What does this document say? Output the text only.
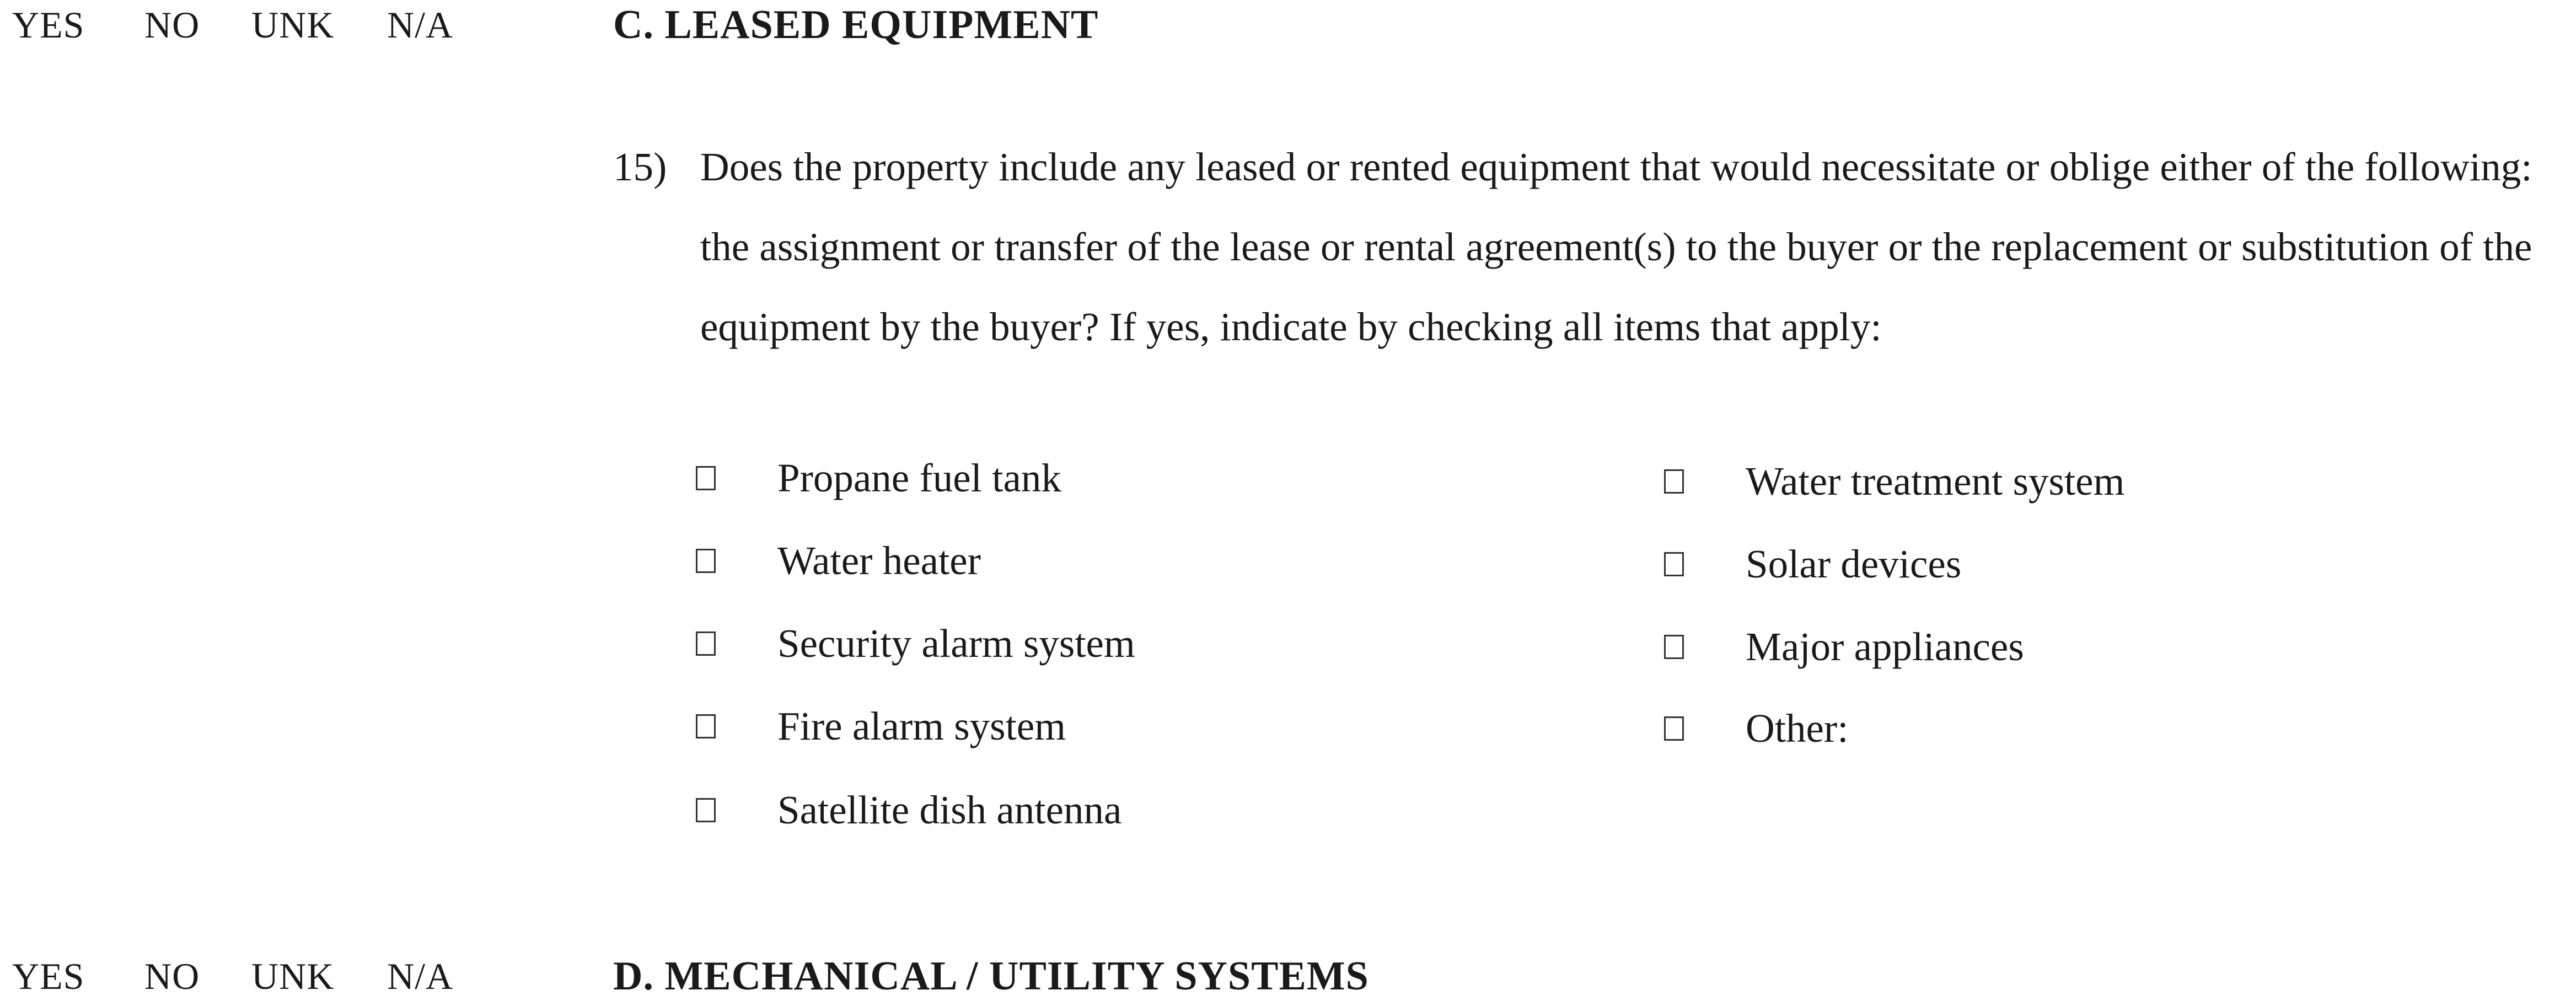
YES NO UNK N/A	C. LEASED EQUIPMENT
15) Does the property include any leased or rented equipment that would necessitate or oblige either of the following: the assignment or transfer of the lease or rental agreement(s) to the buyer or the replacement or substitution of the equipment by the buyer? If yes, indicate by checking all items that apply:
Propane fuel tank
Water heater
Security alarm system
Fire alarm system
Satellite dish antenna
Water treatment system
Solar devices
Major appliances
Other:
YES NO UNK N/A	D. MECHANICAL / UTILITY SYSTEMS
